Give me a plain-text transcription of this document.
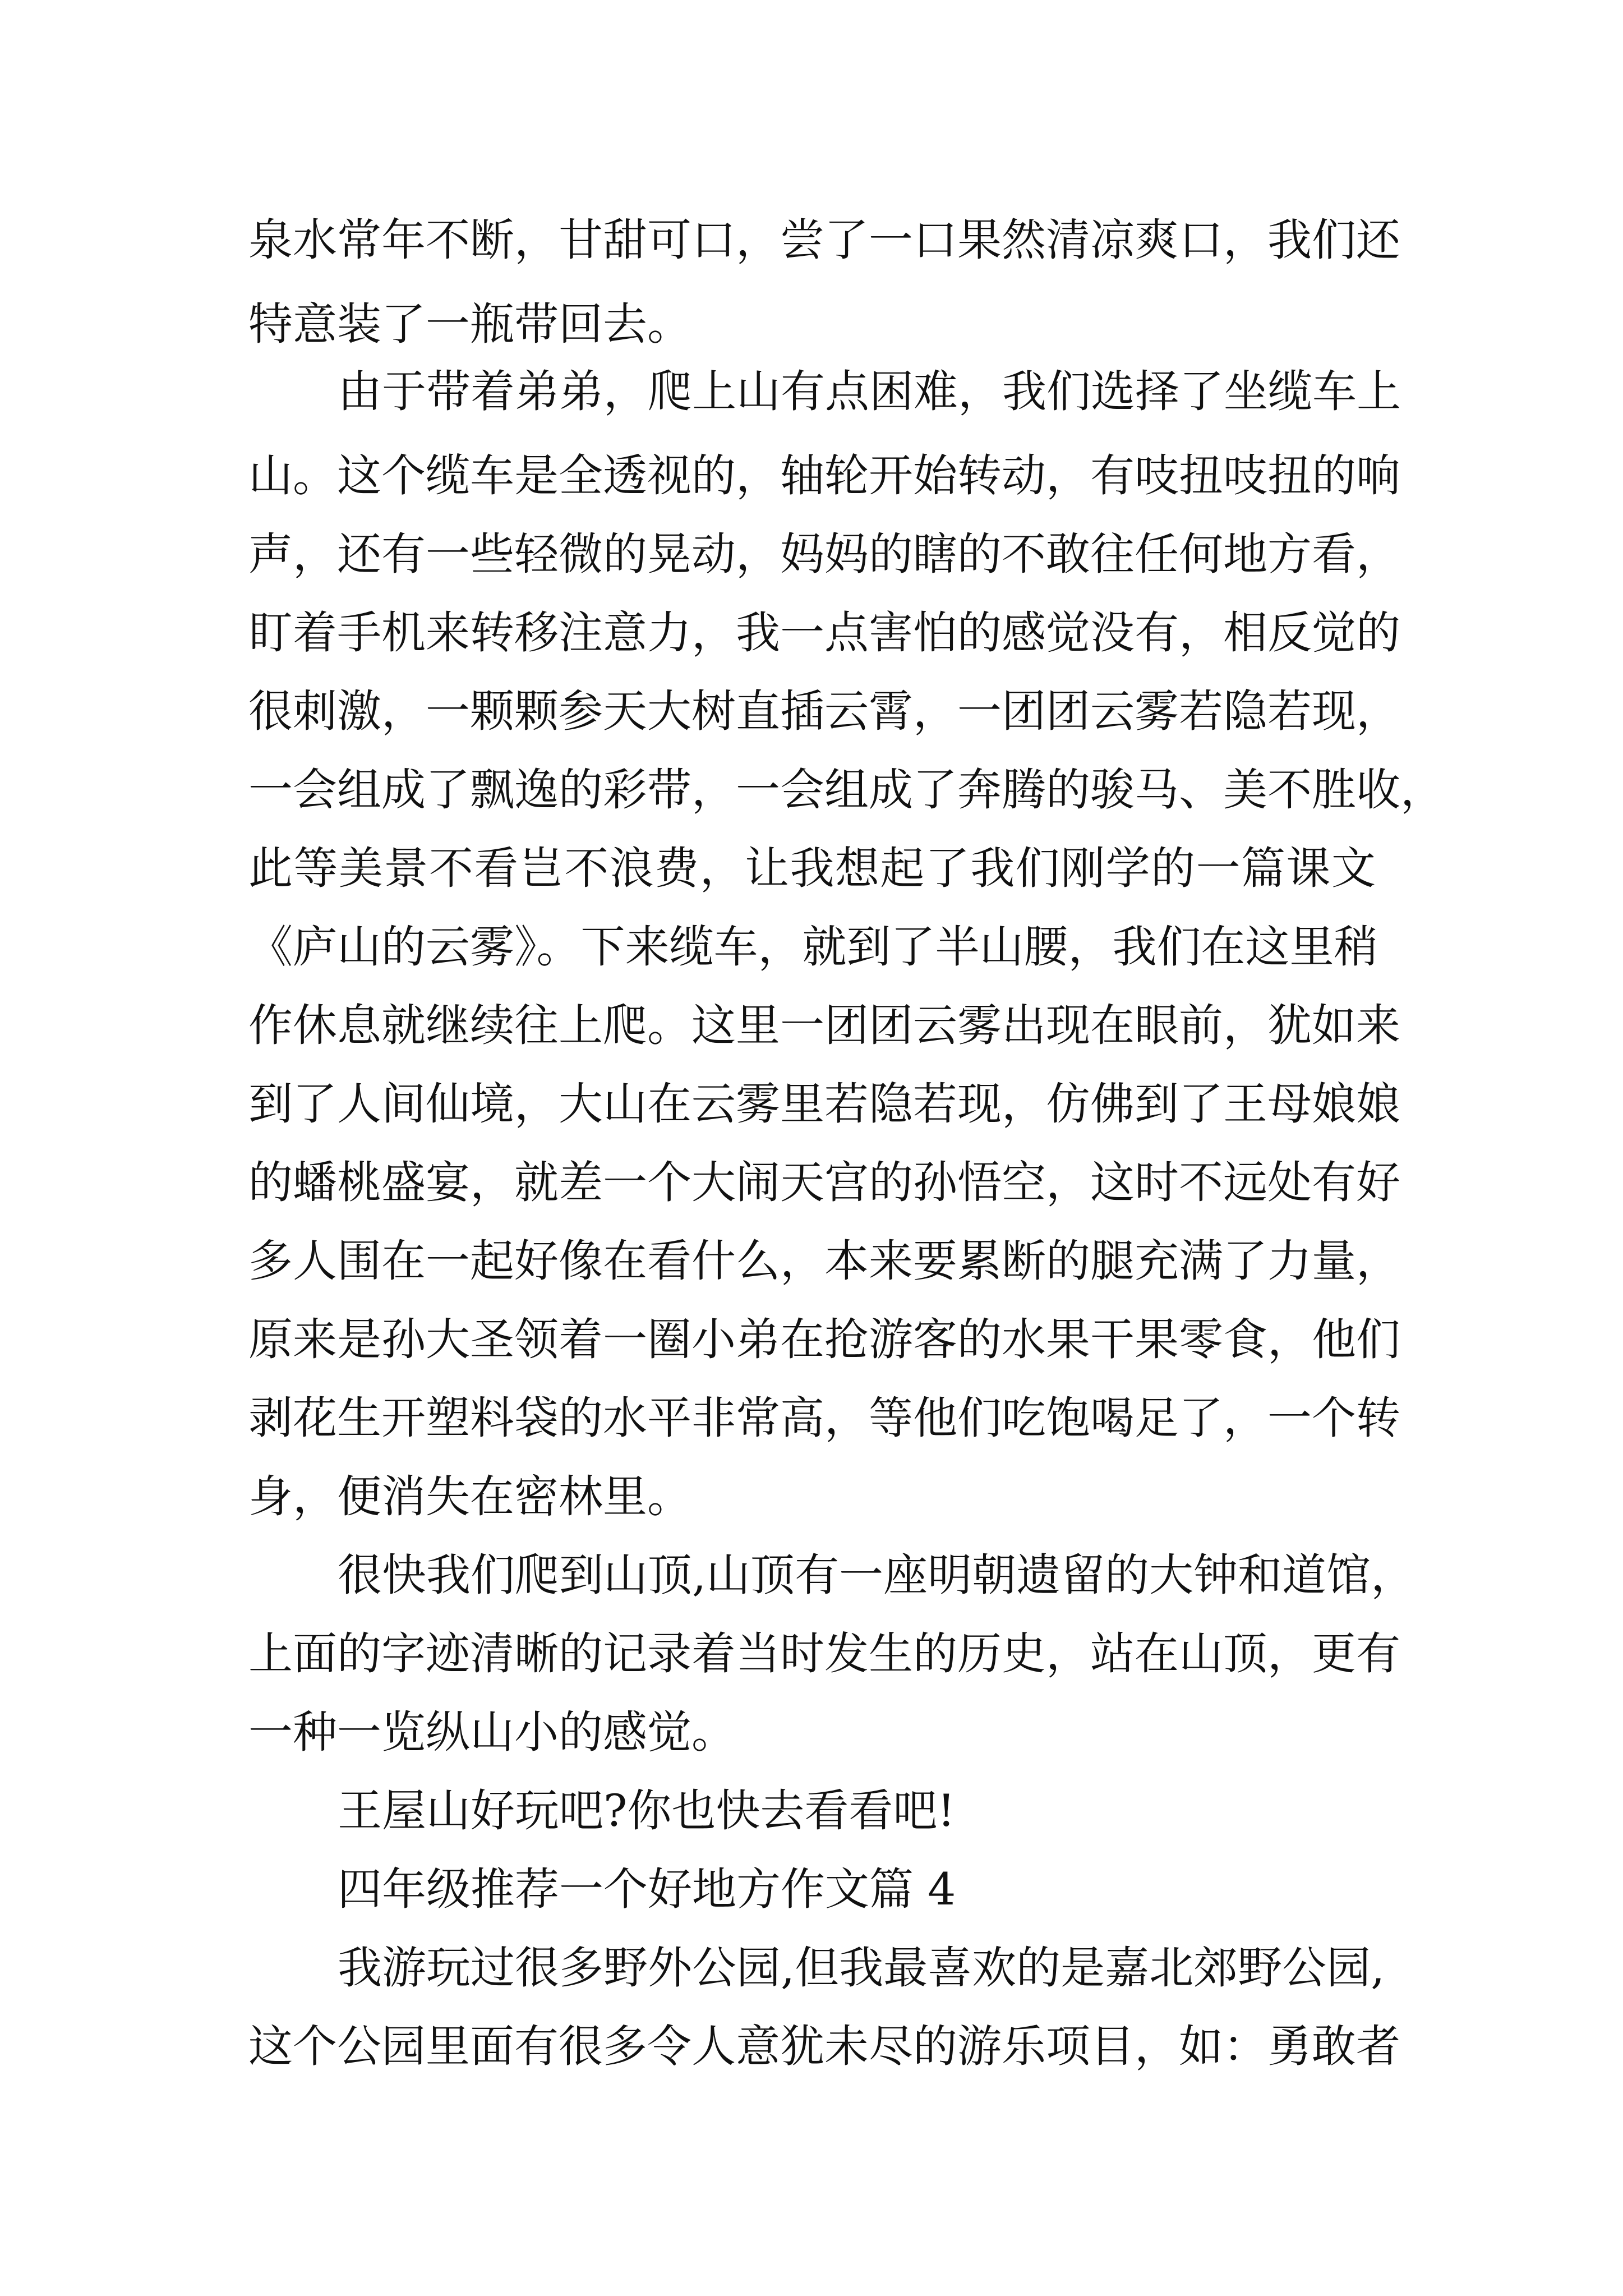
泉水常年不断，甘甜可口，尝了一口果然清凉爽口，我们还
特意装了一瓶带回去。
由于带着弟弟，爬上山有点困难，我们选择了坐缆车上
山。这个缆车是全透视的，轴轮开始转动，有吱扭吱扭的响
声，还有一些轻微的晃动，妈妈的瞎的不敢往任何地方看，
盯着手机来转移注意力，我一点害怕的感觉没有，相反觉的
很刺激，一颗颗参天大树直插云霄，一团团云雾若隐若现，
一会组成了飘逸的彩带，一会组成了奔腾的骏马、美不胜收，
此等美景不看岂不浪费，让我想起了我们刚学的一篇课文
《庐山的云雾》。下来缆车，就到了半山腰，我们在这里稍
作休息就继续往上爬。这里一团团云雾出现在眼前，犹如来
到了人间仙境，大山在云雾里若隐若现，仿佛到了王母娘娘
的蟠桃盛宴，就差一个大闹天宫的孙悟空，这时不远处有好
多人围在一起好像在看什么，本来要累断的腿充满了力量，
原来是孙大圣领着一圈小弟在抢游客的水果干果零食，他们
剥花生开塑料袋的水平非常高，等他们吃饱喝足了，一个转
身，便消失在密林里。
很快我们爬到山顶,山顶有一座明朝遗留的大钟和道馆，
上面的字迹清晰的记录着当时发生的历史，站在山顶，更有
一种一览纵山小的感觉。
王屋山好玩吧?你也快去看看吧!
四年级推荐一个好地方作文篇 4
我游玩过很多野外公园,但我最喜欢的是嘉北郊野公园,
这个公园里面有很多令人意犹未尽的游乐项目，如：勇敢者
